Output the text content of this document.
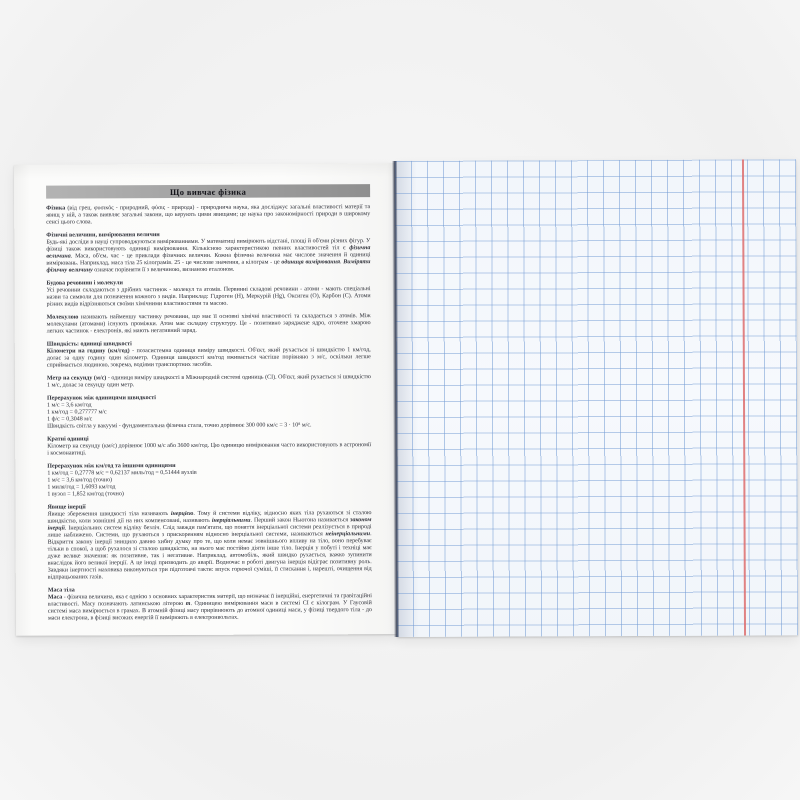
Що вивчає фізика
Фізика (від грец. φυσικός - природний, φύσις - природа) - природнича наука, яка досліджує загальні властивості матерії та явищ у ній, а також виявляє загальні закони, що керують цими явищами; це наука про закономірності природи в широкому сенсі цього слова.
Фізичні величини, вимірювання величин
Будь-які досліди в науці супроводжуються вимірюваннями. У математиці вимірюють відстані, площі й об'єми різних фігур. У фізиці також використовують одиниці вимірювання. Кількісною характеристикою певних властивостей тіл є фізична величина. Маса, об'єм, час - це приклади фізичних величин. Кожна фізична величина має числове значення й одиниці вимірювань. Наприклад, маса тіла 25 кілограмів. 25 - це числове значення, а кілограм - це одиниця вимірювання. Виміряти фізичну величину означає порівняти її з величиною, визнаною еталоном.
Будова речовини і молекули
Усі речовини складаються з дрібних частинок - молекул та атомів. Первинні складові речовини - атоми - мають спеціальні назви та символи для позначення кожного з видів. Наприклад: Гідроген (H), Меркурій (Hg), Оксиген (O), Карбон (C). Атоми різних видів відрізняються своїми хімічними властивостями та масою.
Молекулою називають найменшу частинку речовини, що має її основні хімічні властивості та складається з атомів. Між молекулами (атомами) існують проміжки. Атом має складну структуру. Це - позитивно заряджене ядро, оточене хмарою легких частинок - електронів, які мають негативний заряд.
Швидкість: одиниці швидкості
Кілометри на годину (км/год) - позасистемна одиниця виміру швидкості. Об'єкт, який рухається зі швидкістю 1 км/год, долає за одну годину один кілометр. Одиниця швидкості км/год вживається частіше порівняно з м/с, оскільки легше сприймається людиною, зокрема, водіями транспортних засобів.
Метр на секунду (м/с) - одиниця виміру швидкості в Міжнародній системі одиниць (СІ). Об'єкт, який рухається зі швидкістю 1 м/с, долає за секунду один метр.
Перерахунок між одиницями швидкості
1 м/с = 3,6 км/год
1 км/год = 0,277777 м/с
1 ф/с = 0,3048 м/с
Швидкість світла у вакуумі - фундаментальна фізична стала, точно дорівнює 300 000 км/с = 3 · 10⁸ м/с.
Кратні одиниці
Кілометр на секунду (км/с) дорівнює 1000 м/с або 3600 км/год. Цю одиницю вимірювання часто використовують в астрономії і космонавтиці.
Перерахунок між км/год та іншими одиницями
1 км/год = 0,27778 м/с = 0,62137 миль/год = 0,51444 вузлів
1 м/с = 3,6 км/год (точно)
1 миля/год = 1,6093 км/год
1 вузол = 1,852 км/год (точно)
Явище інерції
Явище збереження швидкості тіла називають інерцією. Тому й системи відліку, відносно яких тіла рухаються зі сталою швидкістю, коли зовнішні дії на них компенсовані, називають інерціальними. Перший закон Ньютона називається законом інерції. Інерціальних систем відліку безліч. Слід завжди пам'ятати, що поняття інерціальної системи реалізується в природі лише наближено. Системи, що рухаються з прискоренням відносно інерціальної системи, називаються неінерціальними. Відкриття закону інерції знищило давню хибну думку про те, що коли немає зовнішнього впливу на тіло, воно перебуває тільки в спокої, а щоб рухалося зі сталою швидкістю, на нього має постійно діяти інше тіло. Інерція у побуті і техніці має дуже велике значення: як позитивне, так і негативне. Наприклад, автомобіль, який швидко рухається, важко зупинити внаслідок його великої інерції. А це іноді призводить до аварії. Водночас в роботі двигуна інерція відіграє позитивну роль. Завдяки інертності маховика виконуються три підготовчі такти: впуск горючої суміші, її стискання і, нарешті, очищення від відпрацьованих газів.
Маса тіла
Маса - фізична величина, яка є однією з основних характеристик матерії, що визначає її інерційні, енергетичні та гравітаційні властивості. Масу позначають латинською літерою m. Одиницею вимірювання маси в системі СІ є кілограм. У Гаусовій системі маса вимірюється в грамах. В атомній фізиці масу прирівнюють до атомної одиниці маси, у фізиці твердого тіла - до маси електрона, в фізиці високих енергій її вимірюють в електронвольтах.
